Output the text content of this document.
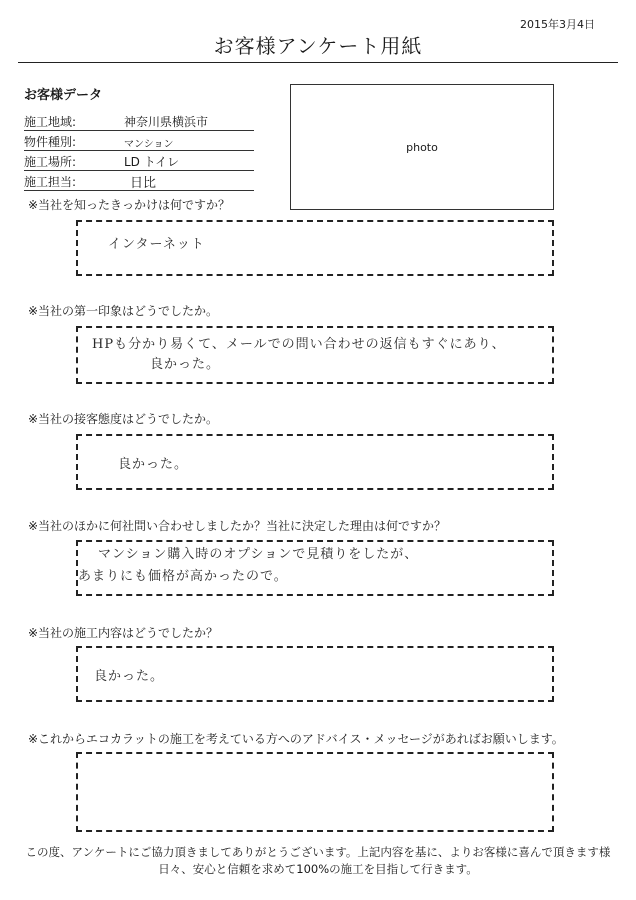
2015年3月4日
お客様アンケート用紙
お客様データ
施工地域:	神奈川県横浜市
物件種別:	マンション
施工場所:	LD トイレ
施工担当:	日比
photo
※当社を知ったきっかけは何ですか？
インターネット
※当社の第一印象はどうでしたか。
HPも分かり易くて、メールでの問い合わせの返信もすぐにあり、
良かった。
※当社の接客態度はどうでしたか。
良かった。
※当社のほかに何社問い合わせしましたか？当社に決定した理由は何ですか？
マンション購入時のオプションで見積りをしたが、
あまりにも価格が高かったので。
※当社の施工内容はどうでしたか？
良かった。
※これからエコカラットの施工を考えている方へのアドバイス・メッセージがあればお願いします。
この度、アンケートにご協力頂きましてありがとうございます。上記内容を基に、よりお客様に喜んで頂きます様
日々、安心と信頼を求めて100%の施工を目指して行きます。
